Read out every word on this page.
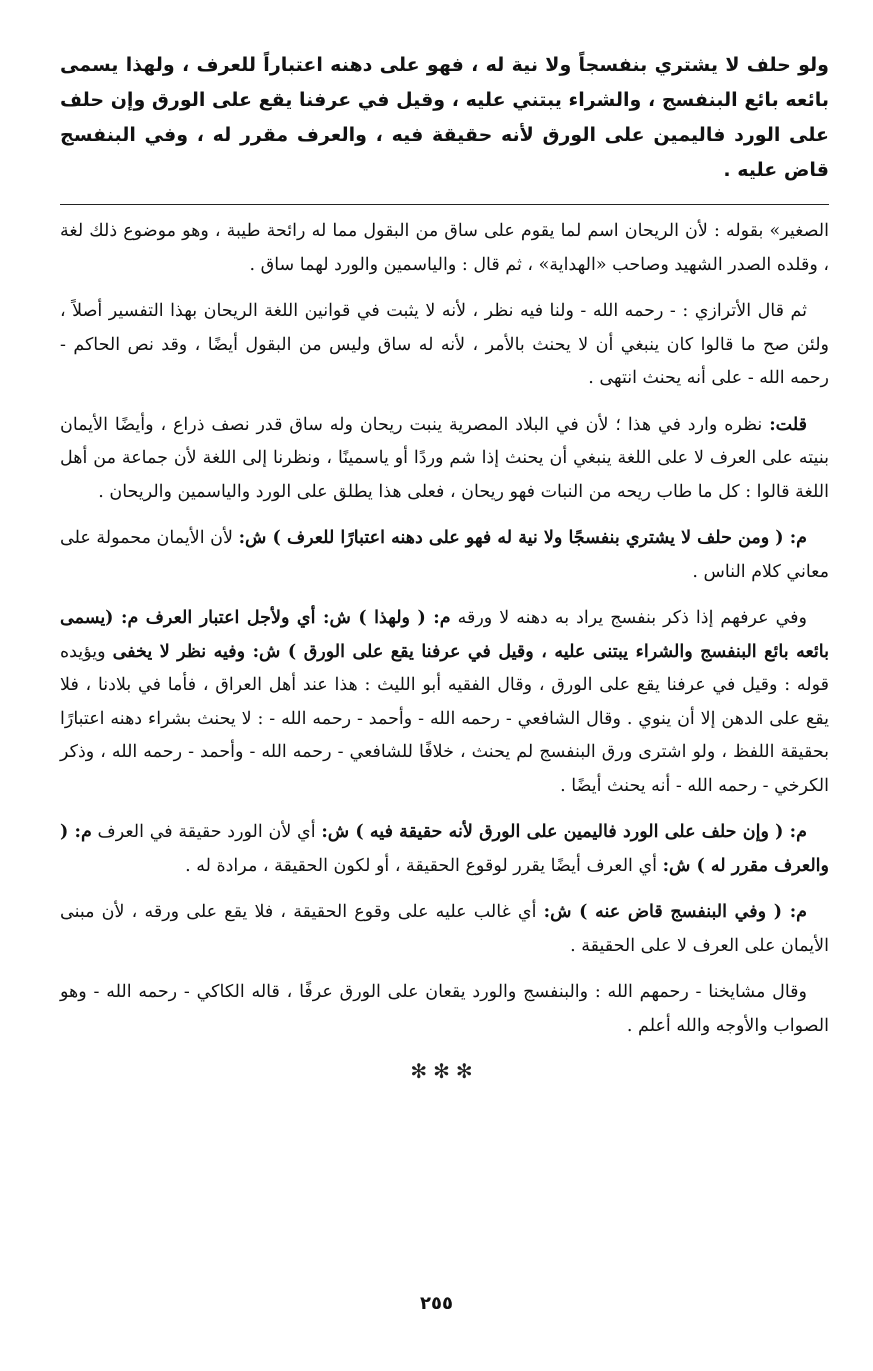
ولو حلف لا يشتري بنفسجاً ولا نية له ، فهو على دهنه اعتباراً للعرف ، ولهذا يسمى بائعه بائع البنفسج ، والشراء يبتني عليه ، وقيل في عرفنا يقع على الورق وإن حلف على الورد فاليمين على الورق لأنه حقيقة فيه ، والعرف مقرر له ، وفي البنفسج قاض عليه .

الصغير» بقوله : لأن الريحان اسم لما يقوم على ساق من البقول مما له رائحة طيبة ، وهو موضوع ذلك لغة ، وقلده الصدر الشهيد وصاحب «الهداية» ، ثم قال : والياسمين والورد لهما ساق .

ثم قال الأترازي : - رحمه الله - ولنا فيه نظر ، لأنه لا يثبت في قوانين اللغة الريحان بهذا التفسير أصلاً ، ولئن صح ما قالوا كان ينبغي أن لا يحنث بالأمر ، لأنه له ساق وليس من البقول أيضًا ، وقد نص الحاكم - رحمه الله - على أنه يحنث انتهى .

قلت: نظره وارد في هذا ؛ لأن في البلاد المصرية ينبت ريحان وله ساق قدر نصف ذراع ، وأيضًا الأيمان بنيته على العرف لا على اللغة ينبغي أن يحنث إذا شم وردًا أو ياسمينًا ، ونظرنا إلى اللغة لأن جماعة من أهل اللغة قالوا : كل ما طاب ريحه من النبات فهو ريحان ، فعلى هذا يطلق على الورد والياسمين والريحان .

م: ( ومن حلف لا يشتري بنفسجًا ولا نية له فهو على دهنه اعتبارًا للعرف ) ش: لأن الأيمان محمولة على معاني كلام الناس .

وفي عرفهم إذا ذكر بنفسج يراد به دهنه لا ورقه م: ( ولهذا ) ش: أي ولأجل اعتبار العرف م: (يسمى بائعه بائع البنفسج والشراء يبتنى عليه ، وقيل في عرفنا يقع على الورق ) ش: وفيه نظر لا يخفى ويؤيده قوله : وقيل في عرفنا يقع على الورق ، وقال الفقيه أبو الليث : هذا عند أهل العراق ، فأما في بلادنا ، فلا يقع على الدهن إلا أن ينوي . وقال الشافعي - رحمه الله - وأحمد - رحمه الله - : لا يحنث بشراء دهنه اعتبارًا بحقيقة اللفظ ، ولو اشترى ورق البنفسج لم يحنث ، خلافًا للشافعي - رحمه الله - وأحمد - رحمه الله ، وذكر الكرخي - رحمه الله - أنه يحنث أيضًا .

م: ( وإن حلف على الورد فاليمين على الورق لأنه حقيقة فيه ) ش: أي لأن الورد حقيقة في العرف م: ( والعرف مقرر له ) ش: أي العرف أيضًا يقرر لوقوع الحقيقة ، أو لكون الحقيقة ، مرادة له .

م: ( وفي البنفسج قاض عنه ) ش: أي غالب عليه على وقوع الحقيقة ، فلا يقع على ورقه ، لأن مبنى الأيمان على العرف لا على الحقيقة .

وقال مشايخنا - رحمهم الله : والبنفسج والورد يقعان على الورق عرفًا ، قاله الكاكي - رحمه الله - وهو الصواب والأوجه والله أعلم .

✻✻✻
٢٥٥
